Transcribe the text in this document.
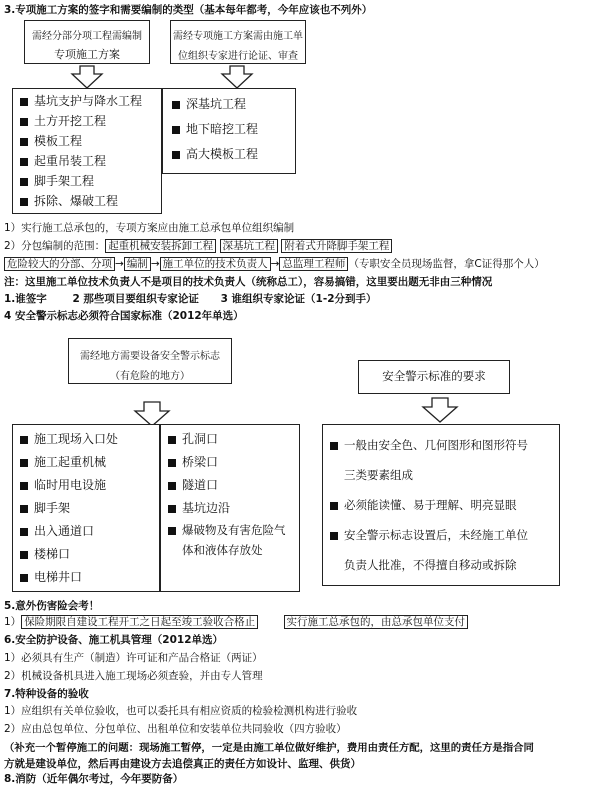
3.专项施工方案的签字和需要编制的类型（基本每年都考，今年应该也不列外）
需经分部分项工程需编制
专项施工方案
需经专项施工方案需由施工单
位组织专家进行论证、审查
基坑支护与降水工程
土方开挖工程
模板工程
起重吊装工程
脚手架工程
拆除、爆破工程
深基坑工程
地下暗挖工程
高大模板工程
1）实行施工总承包的，专项方案应由施工总承包单位组织编制
2）分包编制的范围： 起重机械安装拆卸工程 深基坑工程 附着式升降脚手架工程
危险较大的分部、分项 → 编制 → 施工单位的技术负责人 → 总监理工程师 （专职安全员现场监督，拿C证得那个人）
注：这里施工单位技术负责人不是项目的技术负责人（统称总工），容易搞错，这里要出题无非由三种情况
1.谁签字 2 那些项目要组织专家论证 3 谁组织专家论证（1-2分到手）
4 安全警示标志必须符合国家标准（2012年单选）
需经地方需要设备安全警示标志
（有危险的地方）	安全警示标准的要求
施工现场入口处
施工起重机械
临时用电设施
脚手架
出入通道口
楼梯口
电梯井口
孔洞口
桥梁口
隧道口
基坑边沿
爆破物及有害危险气
体和液体存放处
一般由安全色、几何图形和图形符号
三类要素组成
必须能读懂、易于理解、明亮显眼
安全警示标志设置后，未经施工单位
负责人批准，不得擅自移动或拆除
5.意外伤害险会考！
1） 保险期限自建设工程开工之日起至竣工验收合格止	实行施工总承包的，由总承包单位支付
6.安全防护设备、施工机具管理（2012单选）
1）必须具有生产（制造）许可证和产品合格证（两证）
2）机械设备机具进入施工现场必须查验，并由专人管理
7.特种设备的验收
1）应组织有关单位验收，也可以委托具有相应资质的检验检测机构进行验收
2）应由总包单位、分包单位、出租单位和安装单位共同验收（四方验收）
（补充一个暂停施工的问题：现场施工暂停，一定是由施工单位做好维护，费用由责任方配，这里的责任方是指合同
方就是建设单位，然后再由建设方去追偿真正的责任方如设计、监理、供货）
8.消防（近年偶尔考过，今年要防备）
